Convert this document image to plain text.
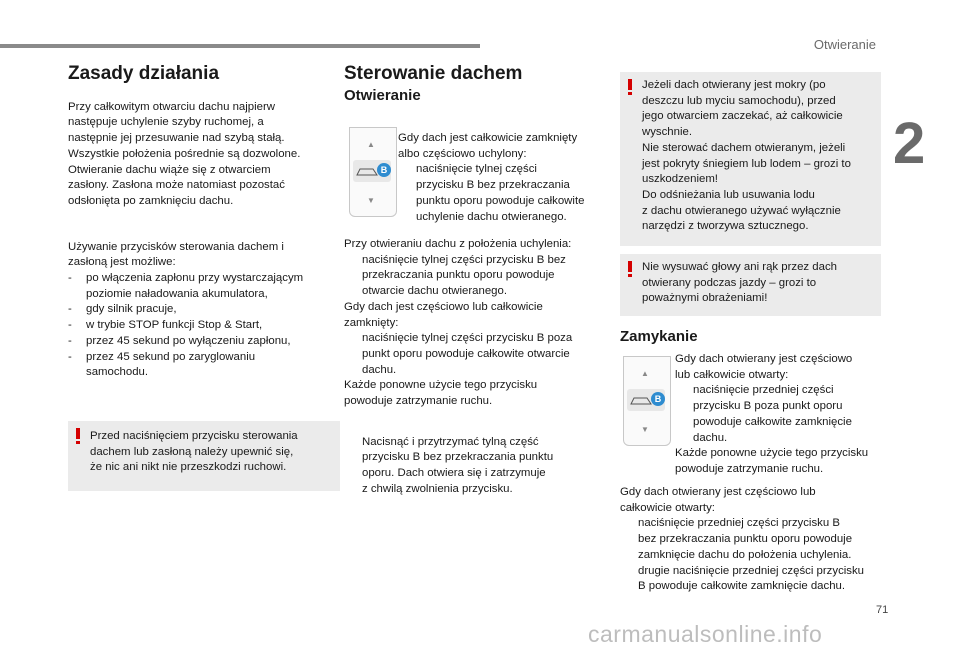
Otwieranie
2
71
carmanualsonline.info
Zasady działania

Przy całkowitym otwarciu dachu najpierw
następuje uchylenie szyby ruchomej, a
następnie jej przesuwanie nad szybą stałą.
Wszystkie położenia pośrednie są dozwolone.
Otwieranie dachu wiąże się z otwarciem
zasłony. Zasłona może natomiast pozostać
odsłonięta po zamknięciu dachu.

Używanie przycisków sterowania dachem i
zasłoną jest możliwe:

- po włączenia zapłonu przy wystarczającym
poziomie naładowania akumulatora,
- gdy silnik pracuje,
- w trybie STOP funkcji Stop & Start,
- przez 45 sekund po wyłączeniu zapłonu,
- przez 45 sekund po zaryglowaniu
samochodu.

Przed naciśnięciem przycisku sterowania
dachem lub zasłoną należy upewnić się,
że nic ani nikt nie przeszkodzi ruchowi.

Sterowanie dachem
Otwieranie
▲
B
▼

Gdy dach jest całkowicie zamknięty
albo częściowo uchylony:

naciśnięcie tylnej części
przycisku B bez przekraczania
punktu oporu powoduje całkowite
uchylenie dachu otwieranego.

Przy otwieraniu dachu z położenia uchylenia:

naciśnięcie tylnej części przycisku B bez
przekraczania punktu oporu powoduje
otwarcie dachu otwieranego.

Gdy dach jest częściowo lub całkowicie
zamknięty:

naciśnięcie tylnej części przycisku B poza
punkt oporu powoduje całkowite otwarcie
dachu.

Każde ponowne użycie tego przycisku
powoduje zatrzymanie ruchu.

Nacisnąć i przytrzymać tylną część
przycisku B bez przekraczania punktu
oporu. Dach otwiera się i zatrzymuje
z chwilą zwolnienia przycisku.

Jeżeli dach otwierany jest mokry (po
deszczu lub myciu samochodu), przed
jego otwarciem zaczekać, aż całkowicie
wyschnie.
Nie sterować dachem otwieranym, jeżeli
jest pokryty śniegiem lub lodem – grozi to
uszkodzeniem!
Do odśnieżania lub usuwania lodu
z dachu otwieranego używać wyłącznie
narzędzi z tworzywa sztucznego.

Nie wysuwać głowy ani rąk przez dach
otwierany podczas jazdy – grozi to
poważnymi obrażeniami!

Zamykanie
▲
B
▼

Gdy dach otwierany jest częściowo
lub całkowicie otwarty:

naciśnięcie przedniej części
przycisku B poza punkt oporu
powoduje całkowite zamknięcie
dachu.

Każde ponowne użycie tego przycisku
powoduje zatrzymanie ruchu.

Gdy dach otwierany jest częściowo lub
całkowicie otwarty:

naciśnięcie przedniej części przycisku B
bez przekraczania punktu oporu powoduje
zamknięcie dachu do położenia uchylenia.
drugie naciśnięcie przedniej części przycisku
B powoduje całkowite zamknięcie dachu.
